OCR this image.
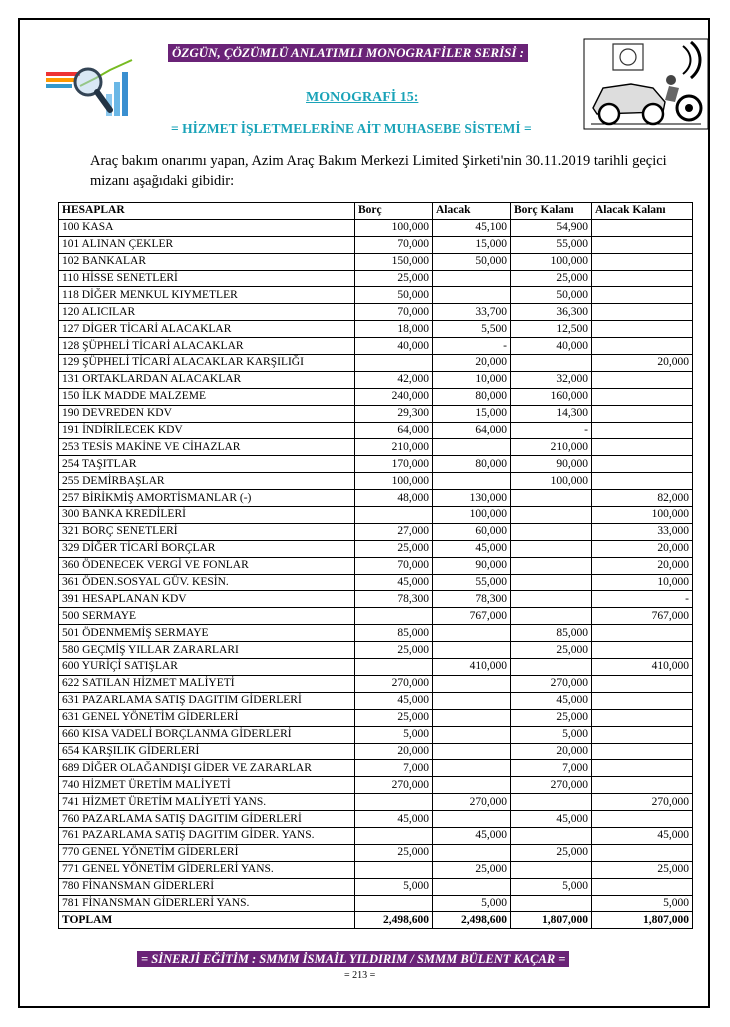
ÖZGÜN, ÇÖZÜMLÜ ANLATIMLI MONOGRAFİLER SERİSİ :
MONOGRAFİ 15:
= HİZMET İŞLETMELERİNE AİT MUHASEBE SİSTEMİ =
Araç bakım onarımı yapan, Azim Araç Bakım Merkezi Limited Şirketi'nin 30.11.2019 tarihli geçici mizanı aşağıdaki gibidir:
HESAPLAR	Borç	Alacak	Borç Kalanı	Alacak Kalanı
100 KASA	100,000	45,100	54,900	
101 ALINAN ÇEKLER	70,000	15,000	55,000	
102 BANKALAR	150,000	50,000	100,000	
110 HİSSE SENETLERİ	25,000		25,000	
118 DİĞER MENKUL KIYMETLER	50,000		50,000	
120 ALICILAR	70,000	33,700	36,300	
127 DİGER TİCARİ ALACAKLAR	18,000	5,500	12,500	
128 ŞÜPHELİ TİCARİ ALACAKLAR	40,000	-	40,000	
129 ŞÜPHELİ TİCARİ ALACAKLAR KARŞILIĞI		20,000		20,000
131 ORTAKLARDAN ALACAKLAR	42,000	10,000	32,000	
150 İLK MADDE MALZEME	240,000	80,000	160,000	
190 DEVREDEN KDV	29,300	15,000	14,300	
191 İNDİRİLECEK KDV	64,000	64,000	-	
253 TESİS MAKİNE VE CİHAZLAR	210,000		210,000	
254 TAŞITLAR	170,000	80,000	90,000	
255 DEMİRBAŞLAR	100,000		100,000	
257 BİRİKMİŞ AMORTİSMANLAR (-)	48,000	130,000		82,000
300 BANKA KREDİLERİ		100,000		100,000
321 BORÇ SENETLERİ	27,000	60,000		33,000
329 DİĞER TİCARİ BORÇLAR	25,000	45,000		20,000
360 ÖDENECEK VERGİ VE FONLAR	70,000	90,000		20,000
361 ÖDEN.SOSYAL GÜV. KESİN.	45,000	55,000		10,000
391 HESAPLANAN KDV	78,300	78,300		-
500 SERMAYE		767,000		767,000
501 ÖDENMEMİŞ SERMAYE	85,000		85,000	
580 GEÇMİŞ YILLAR ZARARLARI	25,000		25,000	
600 YURİÇİ SATIŞLAR		410,000		410,000
622 SATILAN HİZMET MALİYETİ	270,000		270,000	
631 PAZARLAMA SATIŞ DAGITIM GİDERLERİ	45,000		45,000	
631 GENEL YÖNETİM GİDERLERİ	25,000		25,000	
660 KISA VADELİ BORÇLANMA GİDERLERİ	5,000		5,000	
654 KARŞILIK GİDERLERİ	20,000		20,000	
689 DİĞER OLAĞANDIŞI GİDER VE ZARARLAR	7,000		7,000	
740 HİZMET ÜRETİM MALİYETİ	270,000		270,000	
741 HİZMET ÜRETİM MALİYETİ YANS.		270,000		270,000
760 PAZARLAMA SATIŞ DAGITIM GİDERLERİ	45,000		45,000	
761 PAZARLAMA SATIŞ DAGITIM GİDER. YANS.		45,000		45,000
770 GENEL YÖNETİM GİDERLERİ	25,000		25,000	
771 GENEL YÖNETİM GİDERLERİ YANS.		25,000		25,000
780 FİNANSMAN GİDERLERİ	5,000		5,000	
781 FİNANSMAN GİDERLERİ YANS.		5,000		5,000
TOPLAM	2,498,600	2,498,600	1,807,000	1,807,000
= SİNERJİ EĞİTİM : SMMM İSMAİL YILDIRIM / SMMM BÜLENT KAÇAR =
= 213 =
